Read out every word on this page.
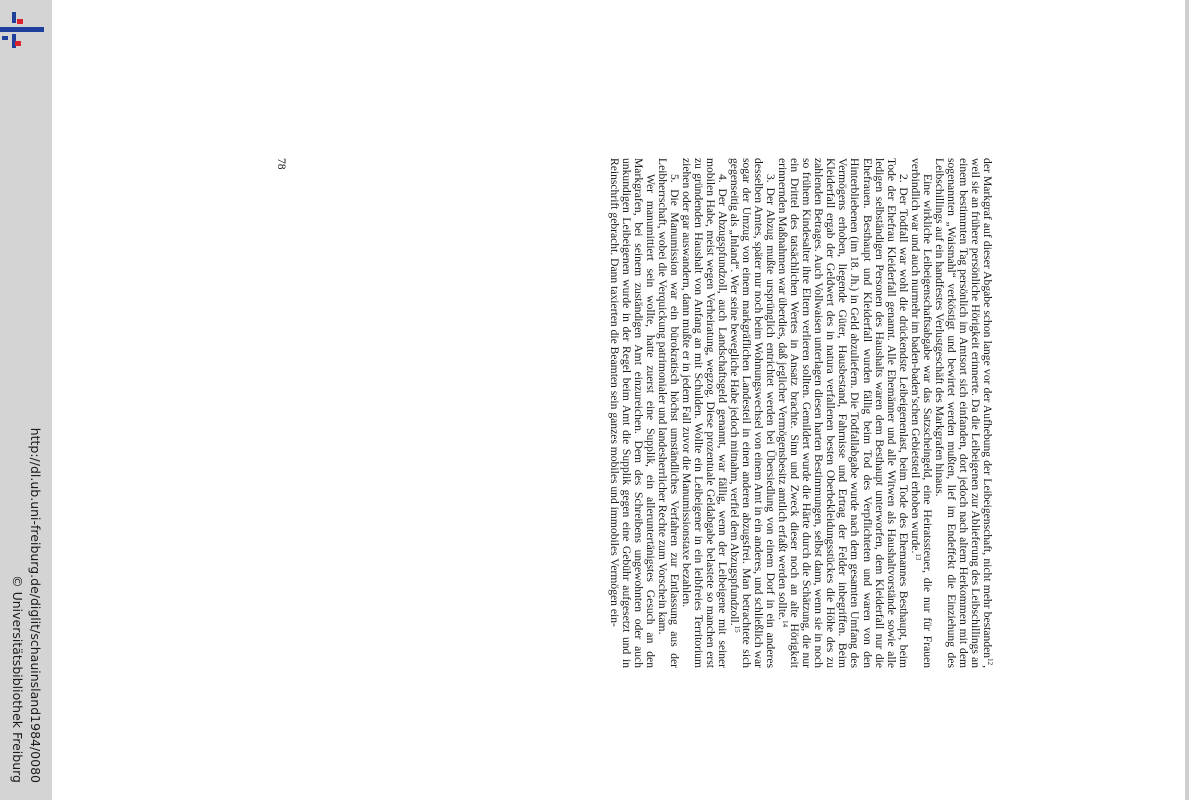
http://dl.ub.uni-freiburg.de/diglit/schauinsland1984/0080
© Universitätsbibliothek Freiburg

der Markgraf auf dieser Abgabe schon lange vor der Aufhebung der Leibeigenschaft, nicht mehr bestanden$^{12}$, weil sie an frühere persönliche Hörigkeit erinnerte. Da die Leibeigenen zur Ablieferung des Leibschillings an einem bestimmten Tag persönlich im Amtsort sich einfanden, dort jedoch nach altem Herkommen mit dem sogenannten „Waismahl“ verköstigt und bewirtet werden mußten, lief im Endeffekt die Einziehung des Leibschillings auf ein handfestes Verlustgeschäft des Markgrafen hinaus.

Eine wirkliche Leibeigenschaftsabgabe war das Satzscheingeld, eine Heiratssteuer, die nur für Frauen verbindlich war und auch nurmehr im baden-baden’schen Gebietsteil erhoben wurde.$^{13}$

2. Der Todfall war wohl die drückendste Leibeigenenlast, beim Tode des Ehemannes Besthaupt, beim Tode der Ehefrau Kleiderfall genannt. Alle Ehemänner und alle Witwen als Haushaltvorstände sowie alle ledigen selbständigen Personen des Haushalts waren dem Besthaupt unterworfen, dem Kleiderfall nur die Ehefrauen. Besthaupt und Kleiderfall wurden fällig beim Tod des Verpflichteten und waren von den Hinterbliebenen (im 18. Jh.) in Geld abzuliefern. Die Todfallabgabe wurde nach dem gesamten Umfang des Vermögens erhoben, liegende Güter, Hausbestand, Fahrnisse und Ertrag der Felder inbegriffen. Beim Kleiderfall ergab der Geldwert des in natura verfallenen besten Oberbekleidungsstückes die Höhe des zu zahlenden Betrages. Auch Vollwaisen unterlagen diesen harten Bestimmungen, selbst dann, wenn sie in noch so frühem Kindesalter ihre Eltern verlieren sollten. Gemildert wurde die Härte durch die Schätzung, die nur ein Drittel des tatsächlichen Wertes in Ansatz brachte. Sinn und Zweck dieser noch an alte Hörigkeit erinnernden Maßnahmen war überdies, daß jeglicher Vermögensbesitz amtlich erfaßt werden sollte.$^{14}$

3. Der Abzug mußte ursprünglich entrichtet werden bei Übersiedlung von einem Dorf in ein anderes desselben Amtes, später nur noch beim Wohnungswechsel von einem Amt in ein anderes, und schließlich war sogar der Umzug von einem markgräflichen Landesteil in einen anderen abzugsfrei. Man betrachtete sich gegenseitig als „Inland“. Wer seine bewegliche Habe jedoch mitnahm, verfiel dem Abzugspfundzoll.$^{15}$

4. Der Abzugspfundzoll, auch Landschaftsgeld genannt, war fällig, wenn der Leibeigene mit seiner mobilen Habe, meist wegen Verheiratung, wegzog. Diese prozentuale Geldabgabe belastete so manchen erst zu gründenden Haushalt von Anfang an mit Schulden. Wollte ein Leibeigener in ein leibfreies Territorium ziehen oder gar auswandern, dann mußte er in jedem Fall zuvor die Manumissionstaxe bezahlen.

5. Die Manumission war ein bürokratisch höchst umständliches Verfahren zur Entlassung aus der Leibherrschaft, wobei die Verquickung patrimonialer und landesherrlicher Rechte zum Vorschein kam.

Wer manumittiert sein wollte, hatte zuerst eine Supplik, ein alleruntertänigstes Gesuch an den Markgrafen, bei seinem zuständigen Amt einzureichen. Dem des Schreibens ungewohnten oder auch unkundigen Leibeigenen wurde in der Regel beim Amt die Supplik gegen eine Gebühr aufgesetzt und in Reinschrift gebracht. Dann taxierten die Beamten sein ganzes mobiles und immobiles Vermögen ein-

78
